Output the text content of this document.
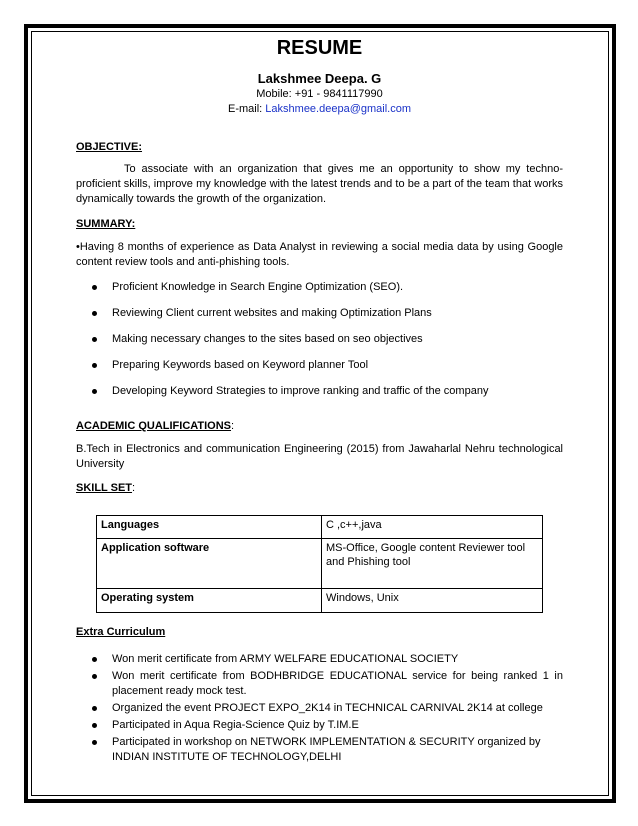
RESUME
Lakshmee Deepa. G
Mobile: +91 - 9841117990
E-mail: Lakshmee.deepa@gmail.com
OBJECTIVE:

To associate with an organization that gives me an opportunity to show my techno-proficient skills, improve my knowledge with the latest trends and to be a part of the team that works dynamically towards the growth of the organization.

SUMMARY:

•Having 8 months of experience as Data Analyst in reviewing a social media data by using Google content review tools and anti-phishing tools.

Proficient Knowledge in Search Engine Optimization (SEO).
Reviewing Client current websites and making Optimization Plans
Making necessary changes to the sites based on seo objectives
Preparing Keywords based on Keyword planner Tool
Developing Keyword Strategies to improve ranking and traffic of the company
ACADEMIC QUALIFICATIONS:

B.Tech in Electronics and communication Engineering (2015) from Jawaharlal Nehru technological University

SKILL SET:
Languages	C ,c++,java
Application software	MS-Office, Google content Reviewer tool and Phishing tool
Operating system	Windows, Unix
Extra Curriculum
Won merit certificate from ARMY WELFARE EDUCATIONAL SOCIETY
Won merit certificate from BODHBRIDGE EDUCATIONAL service for being ranked 1 in placement ready mock test.
Organized the event PROJECT EXPO_2K14 in TECHNICAL CARNIVAL 2K14 at college
Participated in Aqua Regia-Science Quiz by T.IM.E
Participated in workshop on NETWORK IMPLEMENTATION & SECURITY organized by INDIAN INSTITUTE OF TECHNOLOGY,DELHI
